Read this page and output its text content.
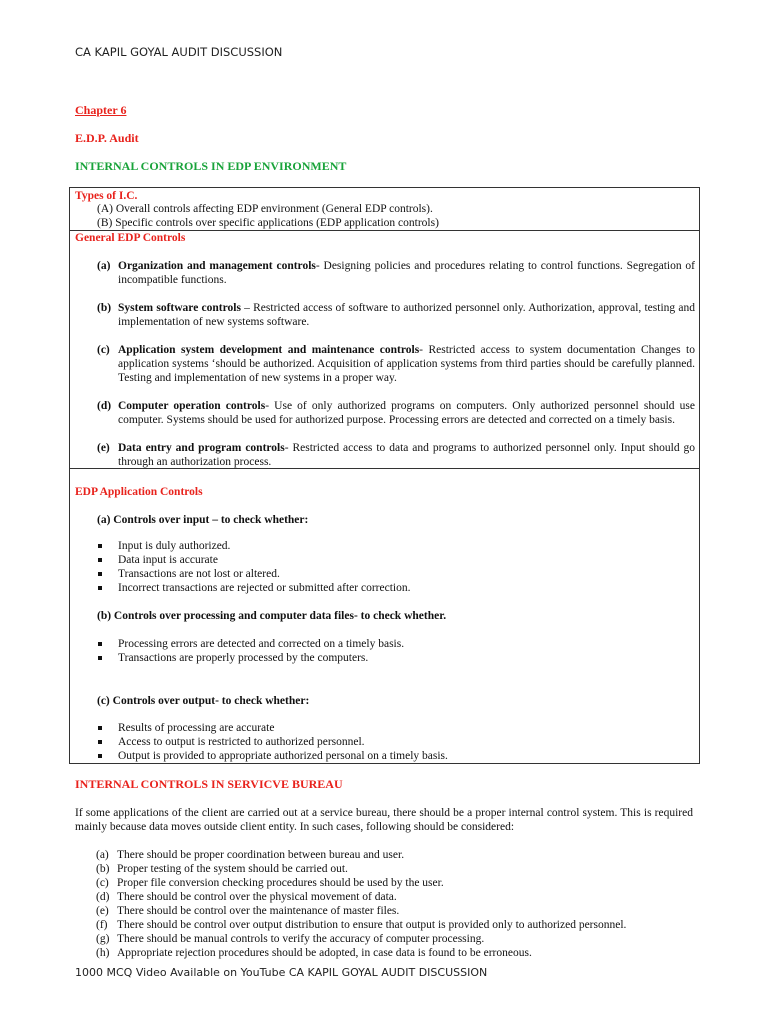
CA KAPIL GOYAL AUDIT DISCUSSION
Chapter 6
E.D.P. Audit
INTERNAL CONTROLS IN EDP ENVIRONMENT
Types of I.C.
(A) Overall controls affecting EDP environment (General EDP controls).
(B) Specific controls over specific applications (EDP application controls)
General EDP Controls
(a) Organization and management controls- Designing policies and procedures relating to control functions. Segregation of incompatible functions.
(b) System software controls – Restricted access of software to authorized personnel only. Authorization, approval, testing and implementation of new systems software.
(c) Application system development and maintenance controls- Restricted access to system documentation Changes to application systems ‘should be authorized. Acquisition of application systems from third parties should be carefully planned. Testing and implementation of new systems in a proper way.
(d) Computer operation controls- Use of only authorized programs on computers. Only authorized personnel should use computer. Systems should be used for authorized purpose. Processing errors are detected and corrected on a timely basis.
(e) Data entry and program controls- Restricted access to data and programs to authorized personnel only. Input should go through an authorization process.
EDP Application Controls
(a) Controls over input – to check whether:
Input is duly authorized.
Data input is accurate
Transactions are not lost or altered.
Incorrect transactions are rejected or submitted after correction.
(b) Controls over processing and computer data files- to check whether.
Processing errors are detected and corrected on a timely basis.
Transactions are properly processed by the computers.
(c) Controls over output- to check whether:
Results of processing are accurate
Access to output is restricted to authorized personnel.
Output is provided to appropriate authorized personal on a timely basis.
INTERNAL CONTROLS IN SERVICVE BUREAU
If some applications of the client are carried out at a service bureau, there should be a proper internal control system. This is required mainly because data moves outside client entity. In such cases, following should be considered:
(a) There should be proper coordination between bureau and user.
(b) Proper testing of the system should be carried out.
(c) Proper file conversion checking procedures should be used by the user.
(d) There should be control over the physical movement of data.
(e) There should be control over the maintenance of master files.
(f) There should be control over output distribution to ensure that output is provided only to authorized personnel.
(g) There should be manual controls to verify the accuracy of computer processing.
(h) Appropriate rejection procedures should be adopted, in case data is found to be erroneous.
1000 MCQ Video Available on YouTube CA KAPIL GOYAL AUDIT DISCUSSION
